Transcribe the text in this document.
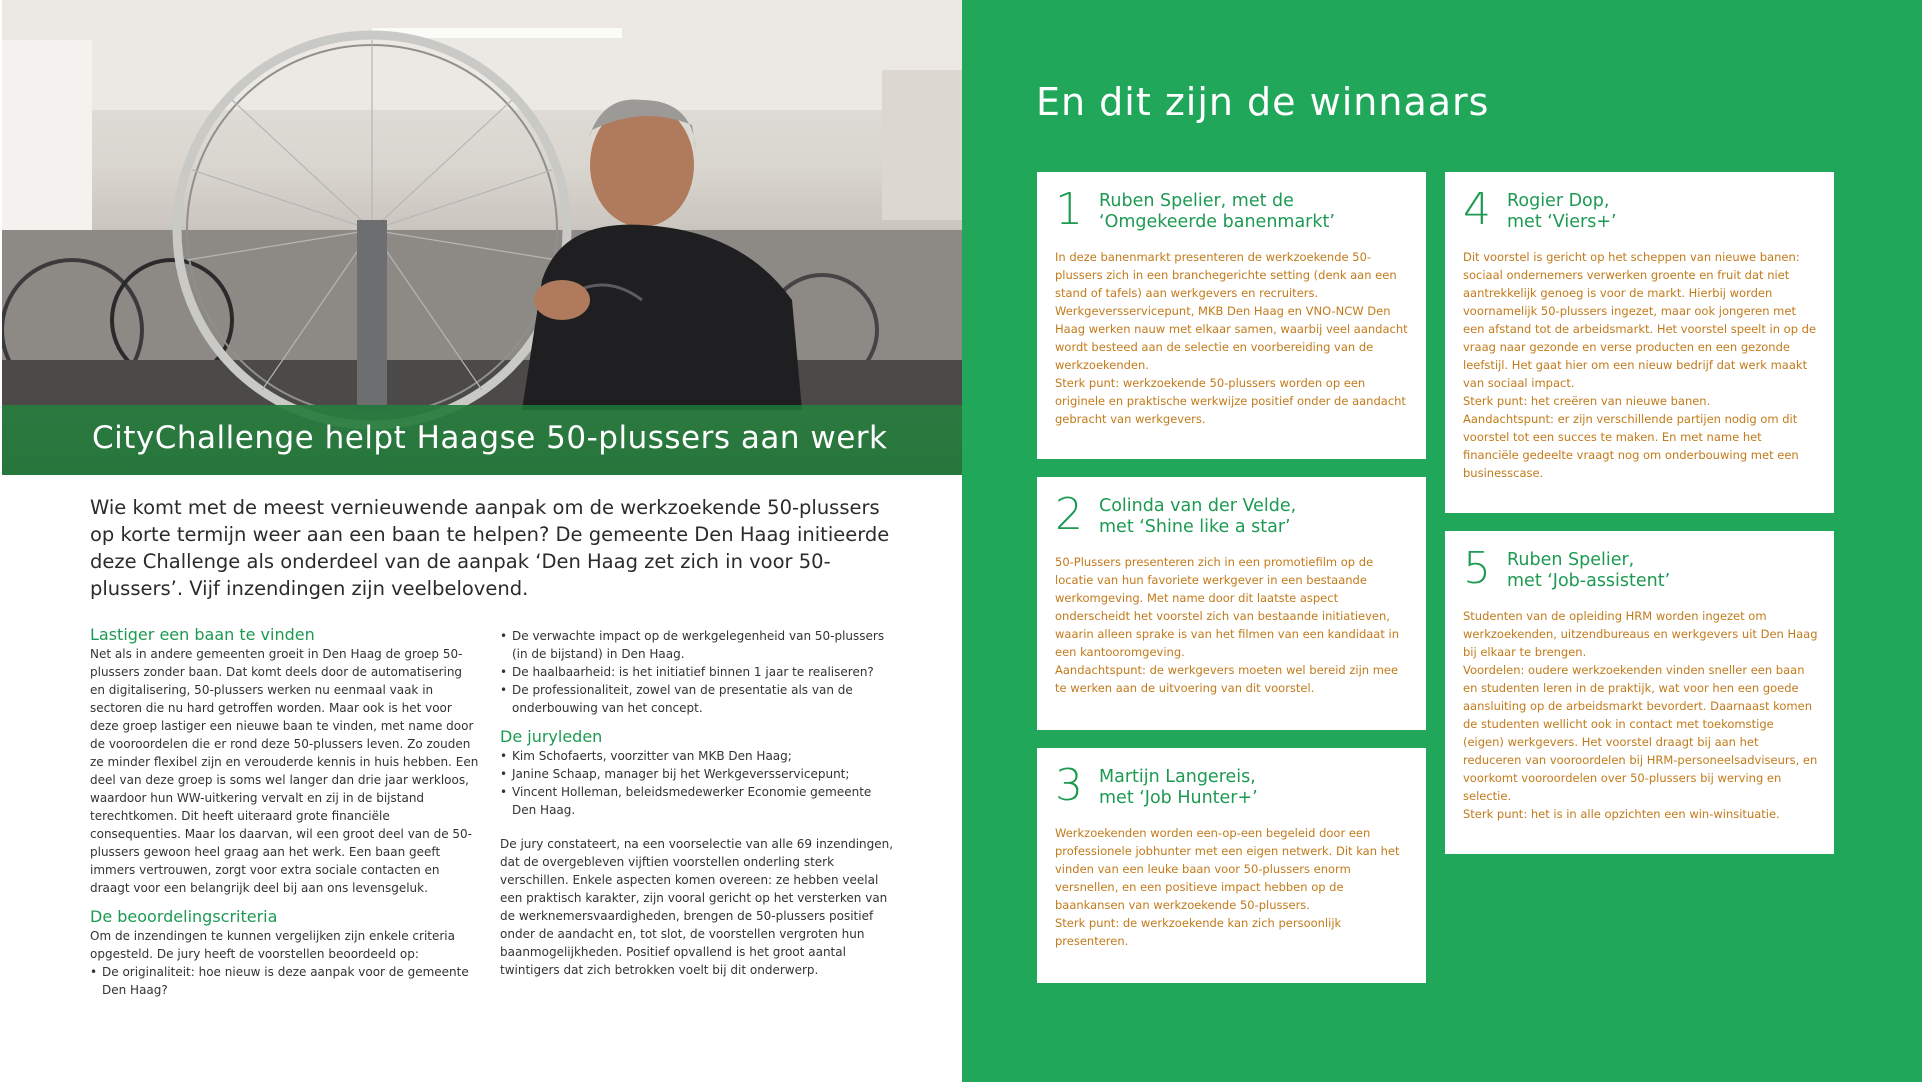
CityChallenge helpt Haagse 50-plussers aan werk
Wie komt met de meest vernieuwende aanpak om de werkzoekende 50-plussers op korte termijn weer aan een baan te helpen? De gemeente Den Haag initieerde deze Challenge als onderdeel van de aanpak ‘Den Haag zet zich in voor 50-plussers’. Vijf inzendingen zijn veelbelovend.
Lastiger een baan te vinden

Net als in andere gemeenten groeit in Den Haag de groep 50-plussers zonder baan. Dat komt deels door de automatisering en digitalisering, 50-plussers werken nu eenmaal vaak in sectoren die nu hard getroffen worden. Maar ook is het voor deze groep lastiger een nieuwe baan te vinden, met name door de vooroordelen die er rond deze 50-plussers leven. Zo zouden ze minder flexibel zijn en verouderde kennis in huis hebben. Een deel van deze groep is soms wel langer dan drie jaar werkloos, waardoor hun WW-uitkering vervalt en zij in de bijstand terechtkomen. Dit heeft uiteraard grote financiële consequenties. Maar los daarvan, wil een groot deel van de 50-plussers gewoon heel graag aan het werk. Een baan geeft immers vertrouwen, zorgt voor extra sociale contacten en draagt voor een belangrijk deel bij aan ons levensgeluk.

De beoordelingscriteria

Om de inzendingen te kunnen vergelijken zijn enkele criteria opgesteld. De jury heeft de voorstellen beoordeeld op:

• De originaliteit: hoe nieuw is deze aanpak voor de gemeente Den Haag?

• De verwachte impact op de werkgelegenheid van 50-plussers (in de bijstand) in Den Haag.

• De haalbaarheid: is het initiatief binnen 1 jaar te realiseren?

• De professionaliteit, zowel van de presentatie als van de onderbouwing van het concept.

De juryleden

• Kim Schofaerts, voorzitter van MKB Den Haag;

• Janine Schaap, manager bij het Werkgeversservicepunt;

• Vincent Holleman, beleidsmedewerker Economie gemeente Den Haag.

De jury constateert, na een voorselectie van alle 69 inzendingen, dat de overgebleven vijftien voorstellen onderling sterk verschillen. Enkele aspecten komen overeen: ze hebben veelal een praktisch karakter, zijn vooral gericht op het versterken van de werknemersvaardigheden, brengen de 50-plussers positief onder de aandacht en, tot slot, de voorstellen vergroten hun baanmogelijkheden. Positief opvallend is het groot aantal twintigers dat zich betrokken voelt bij dit onderwerp.

En dit zijn de winnaars
1 Ruben Spelier, met de
‘Omgekeerde banenmarkt’
In deze banenmarkt presenteren de werkzoekende 50-plussers zich in een branchegerichte setting (denk aan een stand of tafels) aan werkgevers en recruiters. Werkgeversservicepunt, MKB Den Haag en VNO-NCW Den Haag werken nauw met elkaar samen, waarbij veel aandacht wordt besteed aan de selectie en voorbereiding van de werkzoekenden.
Sterk punt: werkzoekende 50-plussers worden op een originele en praktische werkwijze positief onder de aandacht gebracht van werkgevers.
2 Colinda van der Velde,
met ‘Shine like a star’
50-Plussers presenteren zich in een promotiefilm op de locatie van hun favoriete werkgever in een bestaande werkomgeving. Met name door dit laatste aspect onderscheidt het voorstel zich van bestaande initiatieven, waarin alleen sprake is van het filmen van een kandidaat in een kantooromgeving.
Aandachtspunt: de werkgevers moeten wel bereid zijn mee te werken aan de uitvoering van dit voorstel.
3 Martijn Langereis,
met ‘Job Hunter+’
Werkzoekenden worden een-op-een begeleid door een professionele jobhunter met een eigen netwerk. Dit kan het vinden van een leuke baan voor 50-plussers enorm versnellen, en een positieve impact hebben op de baankansen van werkzoekende 50-plussers.
Sterk punt: de werkzoekende kan zich persoonlijk presenteren.
4 Rogier Dop,
met ‘Viers+’
Dit voorstel is gericht op het scheppen van nieuwe banen: sociaal ondernemers verwerken groente en fruit dat niet aantrekkelijk genoeg is voor de markt. Hierbij worden voornamelijk 50-plussers ingezet, maar ook jongeren met een afstand tot de arbeidsmarkt. Het voorstel speelt in op de vraag naar gezonde en verse producten en een gezonde leefstijl. Het gaat hier om een nieuw bedrijf dat werk maakt van sociaal impact.
Sterk punt: het creëren van nieuwe banen.
Aandachtspunt: er zijn verschillende partijen nodig om dit voorstel tot een succes te maken. En met name het financiële gedeelte vraagt nog om onderbouwing met een businesscase.
5 Ruben Spelier,
met ‘Job-assistent’
Studenten van de opleiding HRM worden ingezet om werkzoekenden, uitzendbureaus en werkgevers uit Den Haag bij elkaar te brengen.
Voordelen: oudere werkzoekenden vinden sneller een baan en studenten leren in de praktijk, wat voor hen een goede aansluiting op de arbeidsmarkt bevordert. Daarnaast komen de studenten wellicht ook in contact met toekomstige (eigen) werkgevers. Het voorstel draagt bij aan het reduceren van vooroordelen bij HRM-personeelsadviseurs, en voorkomt vooroordelen over 50-plussers bij werving en selectie.
Sterk punt: het is in alle opzichten een win-winsituatie.
